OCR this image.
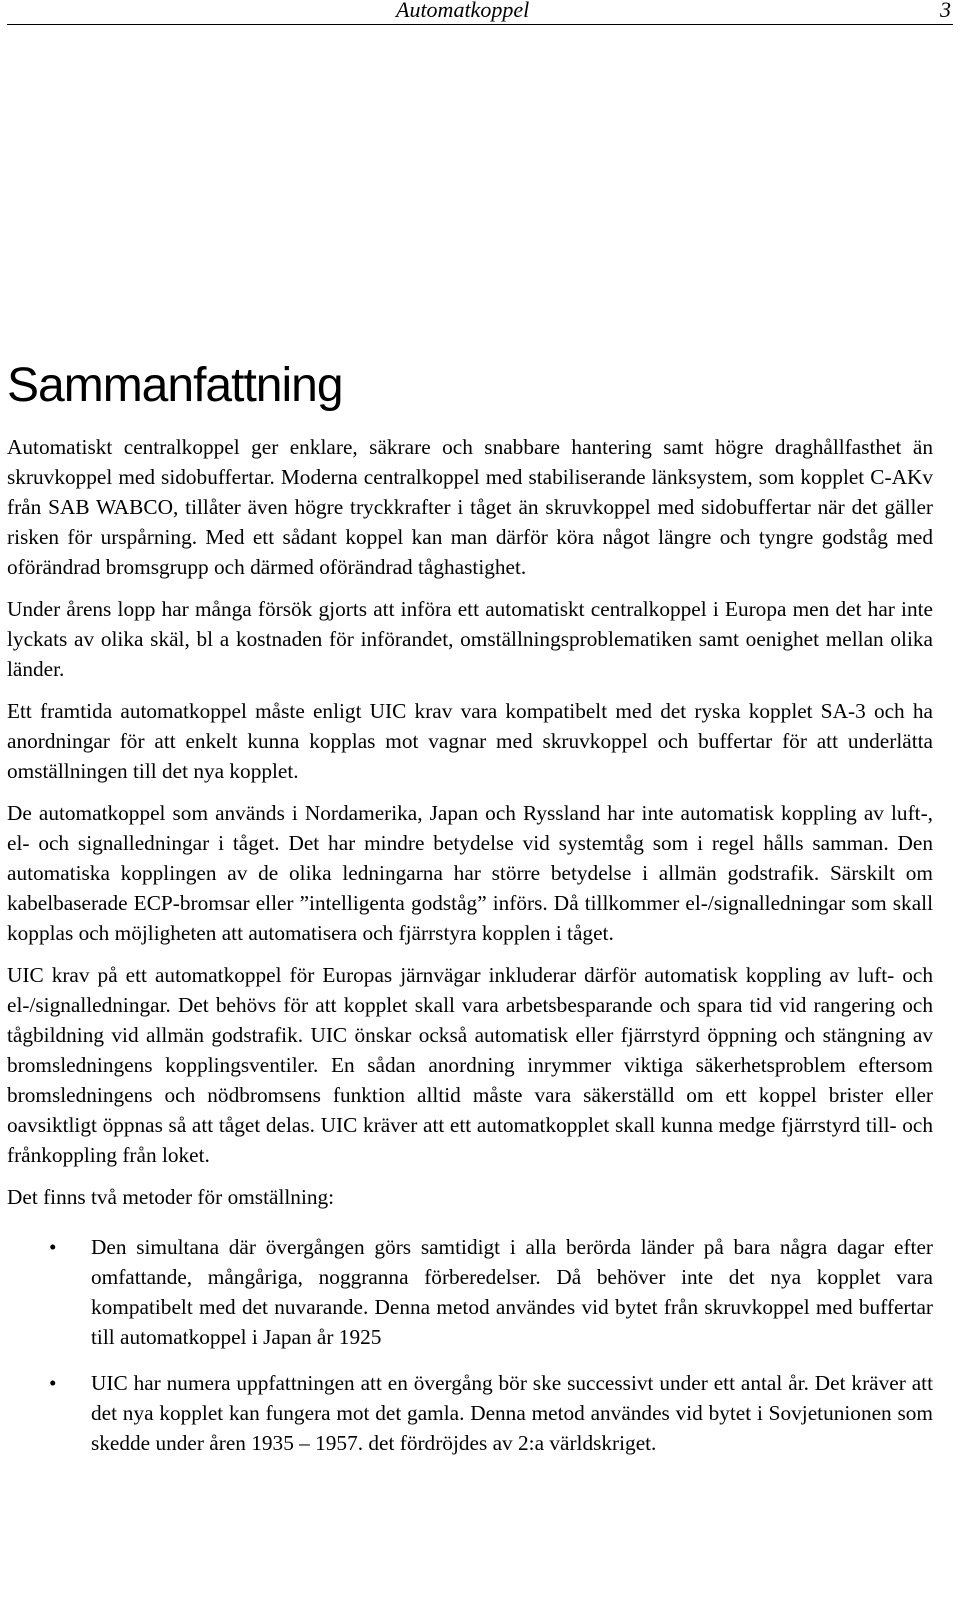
Automatkoppel	3
Sammanfattning

Automatiskt centralkoppel ger enklare, säkrare och snabbare hantering samt högre draghållfasthet än skruvkoppel med sidobuffertar. Moderna centralkoppel med stabiliserande länksystem, som kopplet C-AKv från SAB WABCO, tillåter även högre tryckkrafter i tåget än skruvkoppel med sidobuffertar när det gäller risken för urspårning. Med ett sådant koppel kan man därför köra något längre och tyngre godståg med oförändrad bromsgrupp och därmed oförändrad tåghastighet.

Under årens lopp har många försök gjorts att införa ett automatiskt centralkoppel i Europa men det har inte lyckats av olika skäl, bl a kostnaden för införandet, omställningsproblematiken samt oenighet mellan olika länder.

Ett framtida automatkoppel måste enligt UIC krav vara kompatibelt med det ryska kopplet SA-3 och ha anordningar för att enkelt kunna kopplas mot vagnar med skruvkoppel och buffertar för att underlätta omställningen till det nya kopplet.

De automatkoppel som används i Nordamerika, Japan och Ryssland har inte automatisk koppling av luft-, el- och signalledningar i tåget. Det har mindre betydelse vid systemtåg som i regel hålls samman. Den automatiska kopplingen av de olika ledningarna har större betydelse i allmän godstrafik. Särskilt om kabelbaserade ECP-bromsar eller ”intelligenta godståg” införs. Då tillkommer el-/signalledningar som skall kopplas och möjligheten att automatisera och fjärrstyra kopplen i tåget.

UIC krav på ett automatkoppel för Europas järnvägar inkluderar därför automatisk koppling av luft- och el-/signalledningar. Det behövs för att kopplet skall vara arbetsbesparande och spara tid vid rangering och tågbildning vid allmän godstrafik. UIC önskar också automatisk eller fjärrstyrd öppning och stängning av bromsledningens kopplingsventiler. En sådan anordning inrymmer viktiga säkerhetsproblem eftersom bromsledningens och nödbromsens funktion alltid måste vara säkerställd om ett koppel brister eller oavsiktligt öppnas så att tåget delas. UIC kräver att ett automatkopplet skall kunna medge fjärrstyrd till- och frånkoppling från loket.

Det finns två metoder för omställning:

• Den simultana där övergången görs samtidigt i alla berörda länder på bara några dagar efter omfattande, mångåriga, noggranna förberedelser. Då behöver inte det nya kopplet vara kompatibelt med det nuvarande. Denna metod användes vid bytet från skruvkoppel med buffertar till automatkoppel i Japan år 1925
• UIC har numera uppfattningen att en övergång bör ske successivt under ett antal år. Det kräver att det nya kopplet kan fungera mot det gamla. Denna metod användes vid bytet i Sovjetunionen som skedde under åren 1935 – 1957. det fördröjdes av 2:a världskriget.
